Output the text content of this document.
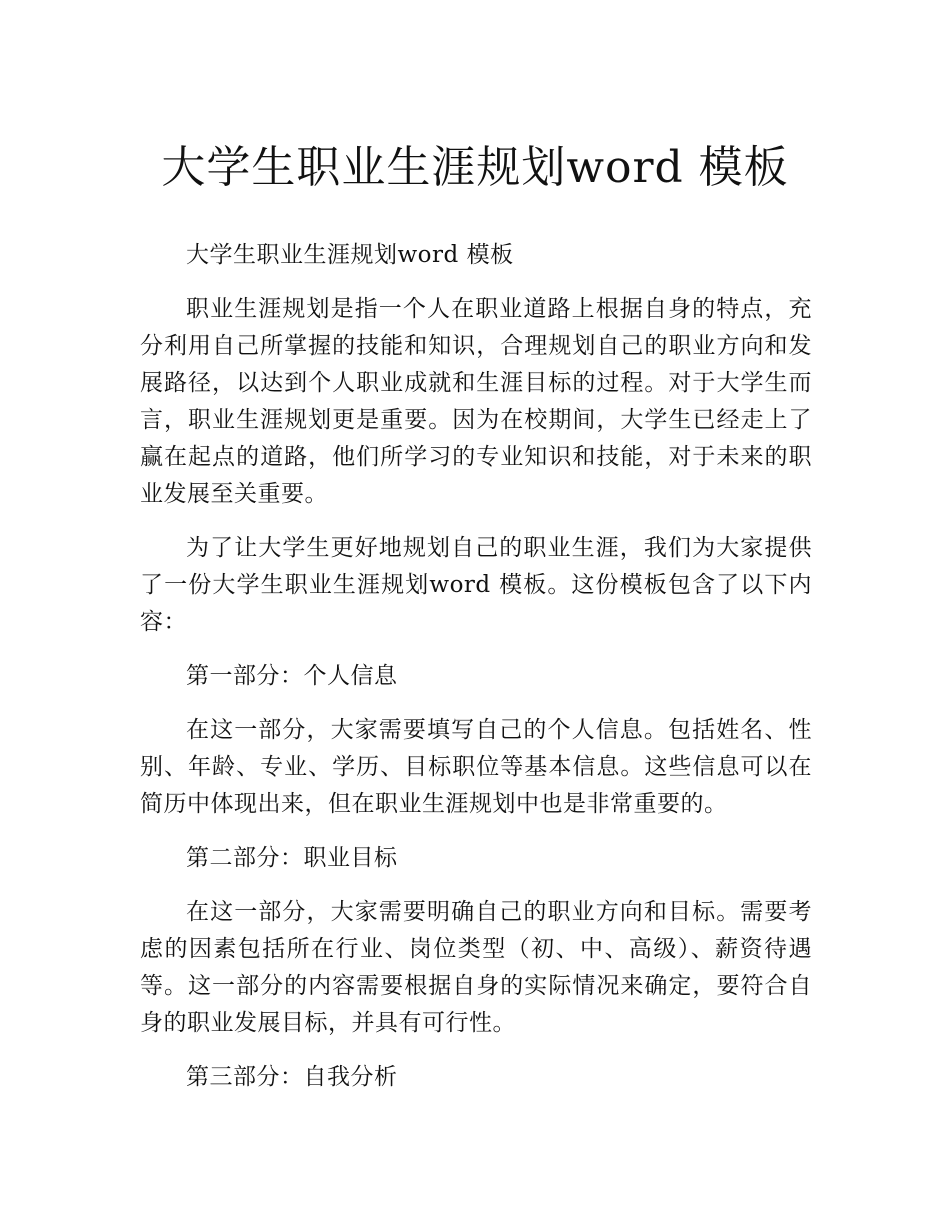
大学生职业生涯规划word 模板

大学生职业生涯规划word 模板

职业生涯规划是指一个人在职业道路上根据自身的特点，充分利用自己所掌握的技能和知识，合理规划自己的职业方向和发展路径，以达到个人职业成就和生涯目标的过程。对于大学生而言，职业生涯规划更是重要。因为在校期间，大学生已经走上了赢在起点的道路，他们所学习的专业知识和技能，对于未来的职业发展至关重要。

为了让大学生更好地规划自己的职业生涯，我们为大家提供了一份大学生职业生涯规划word 模板。这份模板包含了以下内容：

第一部分：个人信息

在这一部分，大家需要填写自己的个人信息。包括姓名、性别、年龄、专业、学历、目标职位等基本信息。这些信息可以在简历中体现出来，但在职业生涯规划中也是非常重要的。

第二部分：职业目标

在这一部分，大家需要明确自己的职业方向和目标。需要考虑的因素包括所在行业、岗位类型（初、中、高级）、薪资待遇等。这一部分的内容需要根据自身的实际情况来确定，要符合自身的职业发展目标，并具有可行性。

第三部分：自我分析
